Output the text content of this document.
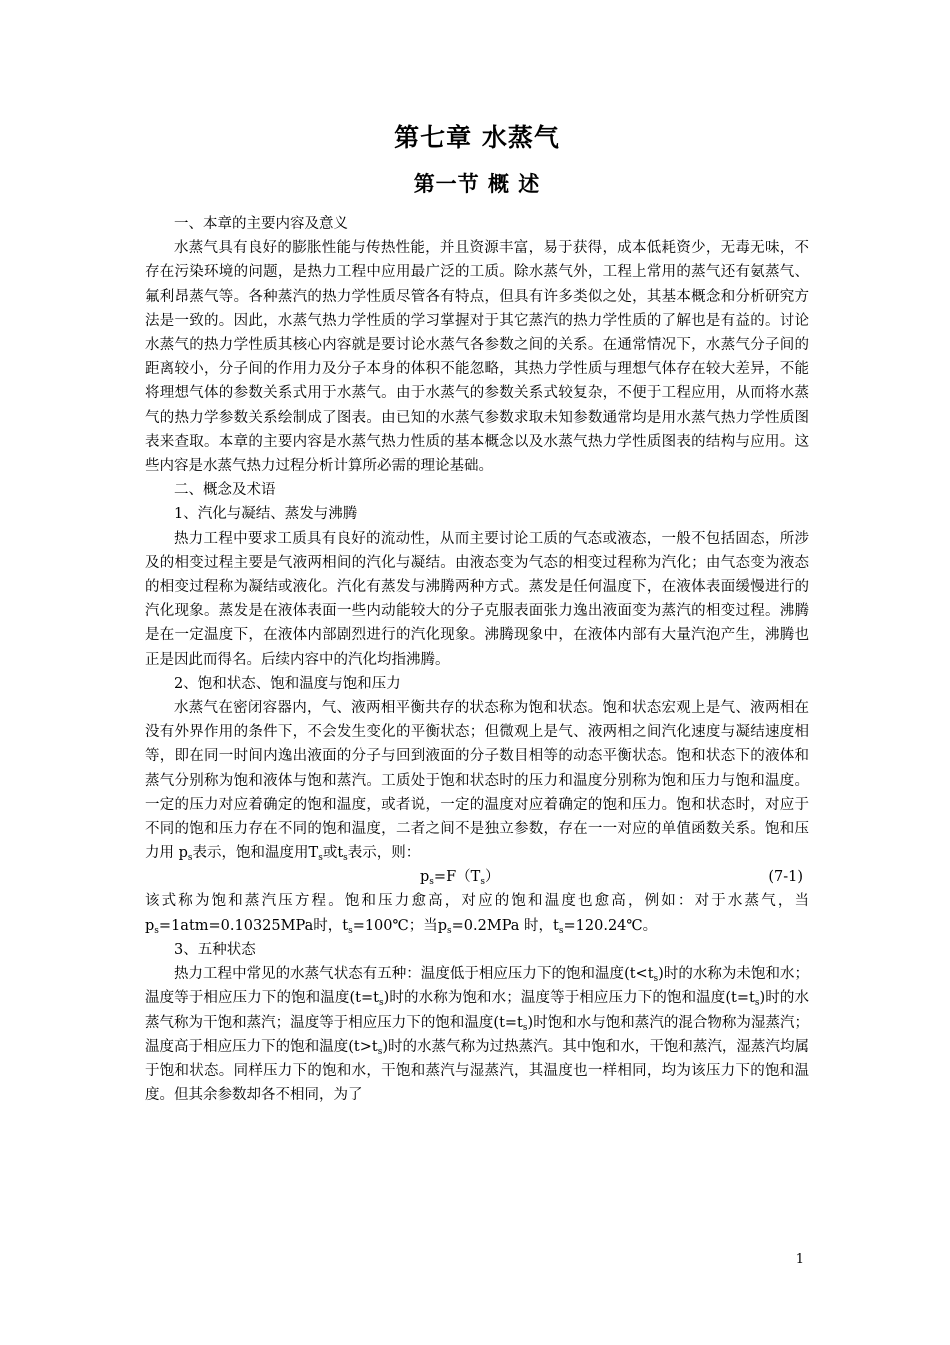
第七章 水蒸气
第一节 概 述
一、本章的主要内容及意义

水蒸气具有良好的膨胀性能与传热性能，并且资源丰富，易于获得，成本低耗资少，无毒无味，不存在污染环境的问题，是热力工程中应用最广泛的工质。除水蒸气外，工程上常用的蒸气还有氨蒸气、氟利昂蒸气等。各种蒸汽的热力学性质尽管各有特点，但具有许多类似之处，其基本概念和分析研究方法是一致的。因此，水蒸气热力学性质的学习掌握对于其它蒸汽的热力学性质的了解也是有益的。讨论水蒸气的热力学性质其核心内容就是要讨论水蒸气各参数之间的关系。在通常情况下，水蒸气分子间的距离较小，分子间的作用力及分子本身的体积不能忽略，其热力学性质与理想气体存在较大差异，不能将理想气体的参数关系式用于水蒸气。由于水蒸气的参数关系式较复杂，不便于工程应用，从而将水蒸气的热力学参数关系绘制成了图表。由已知的水蒸气参数求取未知参数通常均是用水蒸气热力学性质图表来查取。本章的主要内容是水蒸气热力性质的基本概念以及水蒸气热力学性质图表的结构与应用。这些内容是水蒸气热力过程分析计算所必需的理论基础。

二、概念及术语
1、汽化与凝结、蒸发与沸腾

热力工程中要求工质具有良好的流动性，从而主要讨论工质的气态或液态，一般不包括固态，所涉及的相变过程主要是气液两相间的汽化与凝结。由液态变为气态的相变过程称为汽化；由气态变为液态的相变过程称为凝结或液化。汽化有蒸发与沸腾两种方式。蒸发是任何温度下，在液体表面缓慢进行的汽化现象。蒸发是在液体表面一些内动能较大的分子克服表面张力逸出液面变为蒸汽的相变过程。沸腾是在一定温度下，在液体内部剧烈进行的汽化现象。沸腾现象中，在液体内部有大量汽泡产生，沸腾也正是因此而得名。后续内容中的汽化均指沸腾。

2、饱和状态、饱和温度与饱和压力

水蒸气在密闭容器内，气、液两相平衡共存的状态称为饱和状态。饱和状态宏观上是气、液两相在没有外界作用的条件下，不会发生变化的平衡状态；但微观上是气、液两相之间汽化速度与凝结速度相等，即在同一时间内逸出液面的分子与回到液面的分子数目相等的动态平衡状态。饱和状态下的液体和蒸气分别称为饱和液体与饱和蒸汽。工质处于饱和状态时的压力和温度分别称为饱和压力与饱和温度。一定的压力对应着确定的饱和温度，或者说，一定的温度对应着确定的饱和压力。饱和状态时，对应于不同的饱和压力存在不同的饱和温度，二者之间不是独立参数，存在一一对应的单值函数关系。饱和压力用 $p_s$表示，饱和温度用$T_s$或$t_s$表示，则：

$p_s=F(T_s)$	(7-1)

该式称为饱和蒸汽压方程。饱和压力愈高，对应的饱和温度也愈高，例如：对于水蒸气，当$p_s=1atm=0.10325MPa$时，$t_s=100℃$；当$p_s=0.2MPa$ 时，$t_s=120.24℃$。

3、五种状态

热力工程中常见的水蒸气状态有五种：温度低于相应压力下的饱和温度$(t<t_s)$时的水称为未饱和水；温度等于相应压力下的饱和温度$(t=t_s)$时的水称为饱和水；温度等于相应压力下的饱和温度$(t=t_s)$时的水蒸气称为干饱和蒸汽；温度等于相应压力下的饱和温度$(t=t_s)$时饱和水与饱和蒸汽的混合物称为湿蒸汽；温度高于相应压力下的饱和温度$(t>t_s)$时的水蒸气称为过热蒸汽。其中饱和水，干饱和蒸汽，湿蒸汽均属于饱和状态。同样压力下的饱和水，干饱和蒸汽与湿蒸汽，其温度也一样相同，均为该压力下的饱和温度。但其余参数却各不相同，为了

1
